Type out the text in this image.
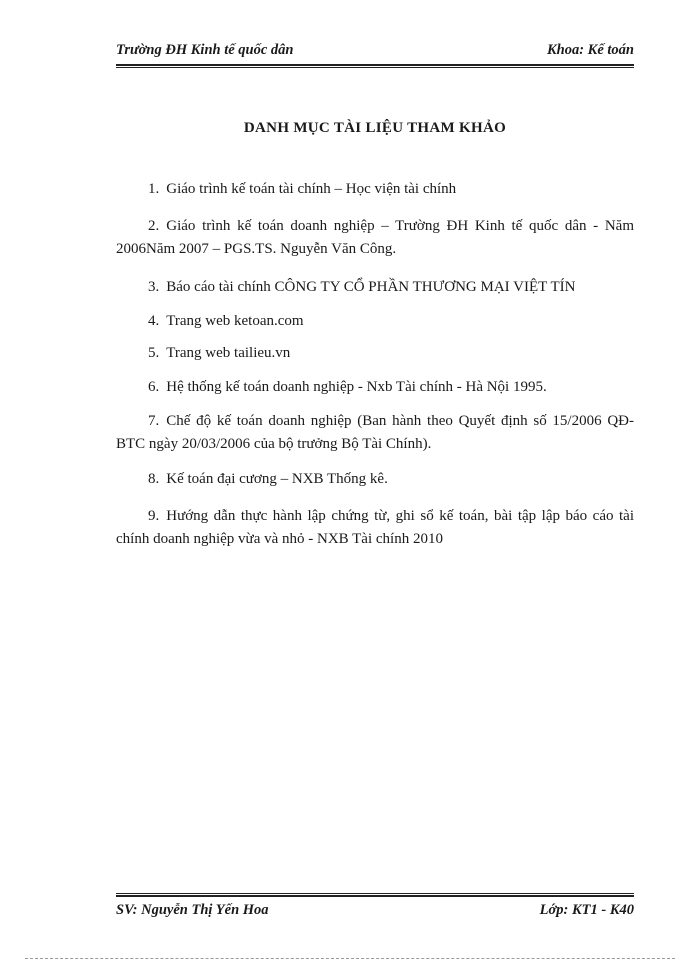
Trường ĐH Kinh tế quốc dân	Khoa: Kế toán
DANH MỤC TÀI LIỆU THAM KHẢO
1. Giáo trình kế toán tài chính – Học viện tài chính
2. Giáo trình kế toán doanh nghiệp – Trường ĐH Kinh tế quốc dân - Năm 2006Năm 2007 – PGS.TS. Nguyễn Văn Công.
3. Báo cáo tài chính CÔNG TY CỔ PHẦN THƯƠNG MẠI VIỆT TÍN
4. Trang web ketoan.com
5. Trang web tailieu.vn
6. Hệ thống kế toán doanh nghiệp - Nxb Tài chính - Hà Nội 1995.
7. Chế độ kế toán doanh nghiệp (Ban hành theo Quyết định số 15/2006 QĐ- BTC ngày 20/03/2006 của bộ trưởng Bộ Tài Chính).
8. Kế toán đại cương – NXB Thống kê.
9. Hướng dẫn thực hành lập chứng từ, ghi sổ kế toán, bài tập lập báo cáo tài chính doanh nghiệp vừa và nhỏ - NXB Tài chính 2010
SV: Nguyễn Thị Yến Hoa	Lớp: KT1 - K40
